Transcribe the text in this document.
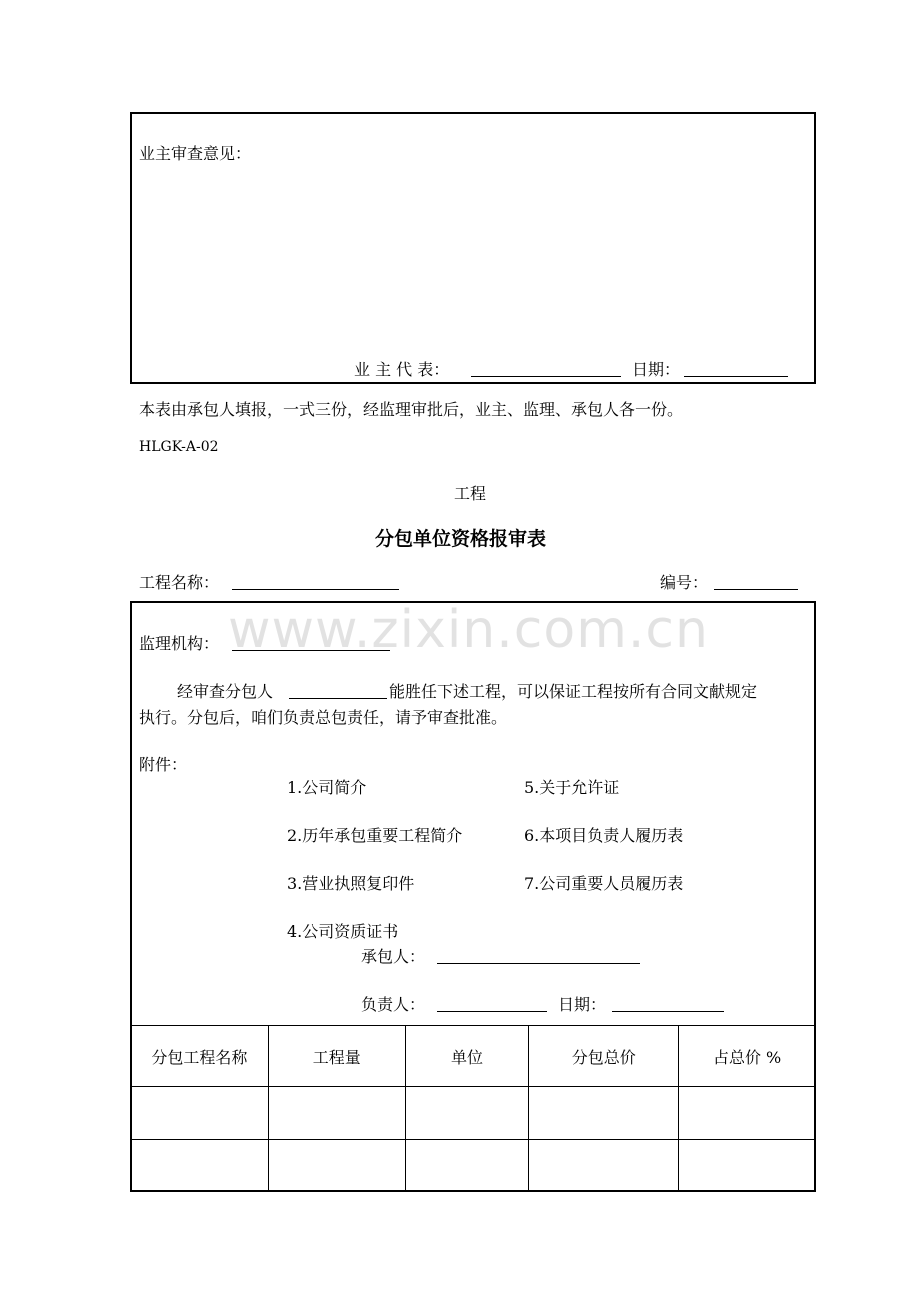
业主审查意见：
业 主 代 表：	日期：
本表由承包人填报，一式三份，经监理审批后，业主、监理、承包人各一份。
HLGK-A-02
工程
分包单位资格报审表
工程名称：	编号：
www.zixin.com.cn
监理机构：
经审查分包人	能胜任下述工程，可以保证工程按所有合同文献规定
执行。分包后，咱们负责总包责任，请予审查批准。
附件：
1.公司简介	5.关于允许证
2.历年承包重要工程简介	6.本项目负责人履历表
3.营业执照复印件	7.公司重要人员履历表
4.公司资质证书
承包人：
负责人：	日期：
分包工程名称	工程量	单位	分包总价	占总价 %
